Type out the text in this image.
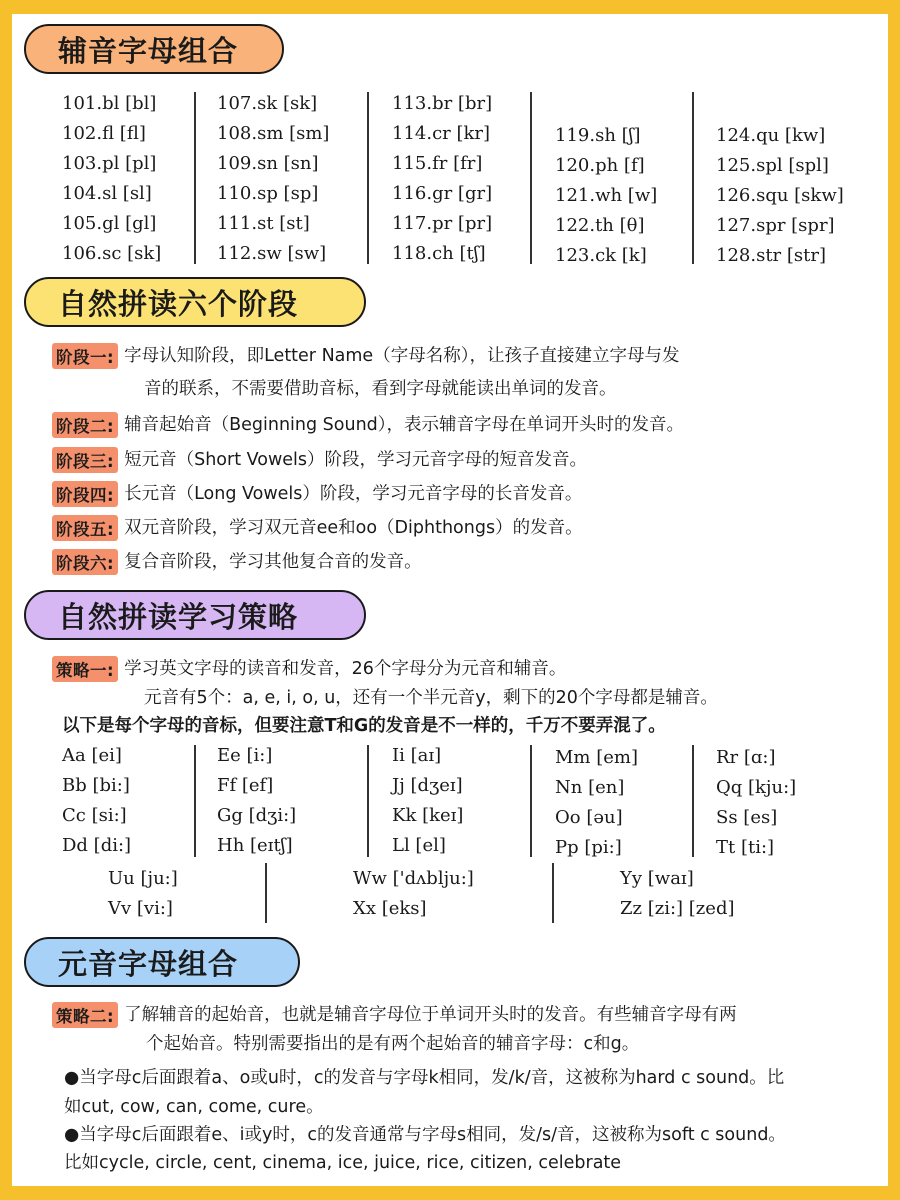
辅音字母组合
101.bl [bl]
102.fl [fl]
103.pl [pl]
104.sl [sl]
105.gl [gl]
106.sc [sk]
107.sk [sk]
108.sm [sm]
109.sn [sn]
110.sp [sp]
111.st [st]
112.sw [sw]
113.br [br]
114.cr [kr]
115.fr [fr]
116.gr [gr]
117.pr [pr]
118.ch [tʃ]
119.sh [ʃ]
120.ph [f]
121.wh [w]
122.th [θ]
123.ck [k]
124.qu [kw]
125.spl [spl]
126.squ [skw]
127.spr [spr]
128.str [str]
自然拼读六个阶段
阶段一: 字母认知阶段，即Letter Name（字母名称），让孩子直接建立字母与发
音的联系，不需要借助音标，看到字母就能读出单词的发音。
阶段二: 辅音起始音（Beginning Sound），表示辅音字母在单词开头时的发音。
阶段三: 短元音（Short Vowels）阶段，学习元音字母的短音发音。
阶段四: 长元音（Long Vowels）阶段，学习元音字母的长音发音。
阶段五: 双元音阶段，学习双元音ee和oo（Diphthongs）的发音。
阶段六: 复合音阶段，学习其他复合音的发音。
自然拼读学习策略
策略一: 学习英文字母的读音和发音，26个字母分为元音和辅音。
元音有5个：a, e, i, o, u，还有一个半元音y，剩下的20个字母都是辅音。
以下是每个字母的音标，但要注意T和G的发音是不一样的，千万不要弄混了。
Aa [ei]
Bb [bi:]
Cc [si:]
Dd [di:]
Ee [i:]
Ff [ef]
Gg [dʒi:]
Hh [eɪtʃ]
Ii [aɪ]
Jj [dʒeɪ]
Kk [keɪ]
Ll [el]
Mm [em]
Nn [en]
Oo [əu]
Pp [pi:]
Rr [ɑ:]
Qq [kju:]
Ss [es]
Tt [ti:]
Uu [ju:]
Vv [vi:]
Ww ['dʌblju:]
Xx [eks]
Yy [waɪ]
Zz [zi:] [zed]
元音字母组合
策略二: 了解辅音的起始音，也就是辅音字母位于单词开头时的发音。有些辅音字母有两
个起始音。特别需要指出的是有两个起始音的辅音字母：c和g。
●当字母c后面跟着a、o或u时，c的发音与字母k相同，发/k/音，这被称为hard c sound。比
如cut, cow, can, come, cure。
●当字母c后面跟着e、i或y时，c的发音通常与字母s相同，发/s/音，这被称为soft c sound。
比如cycle, circle, cent, cinema, ice, juice, rice, citizen, celebrate
